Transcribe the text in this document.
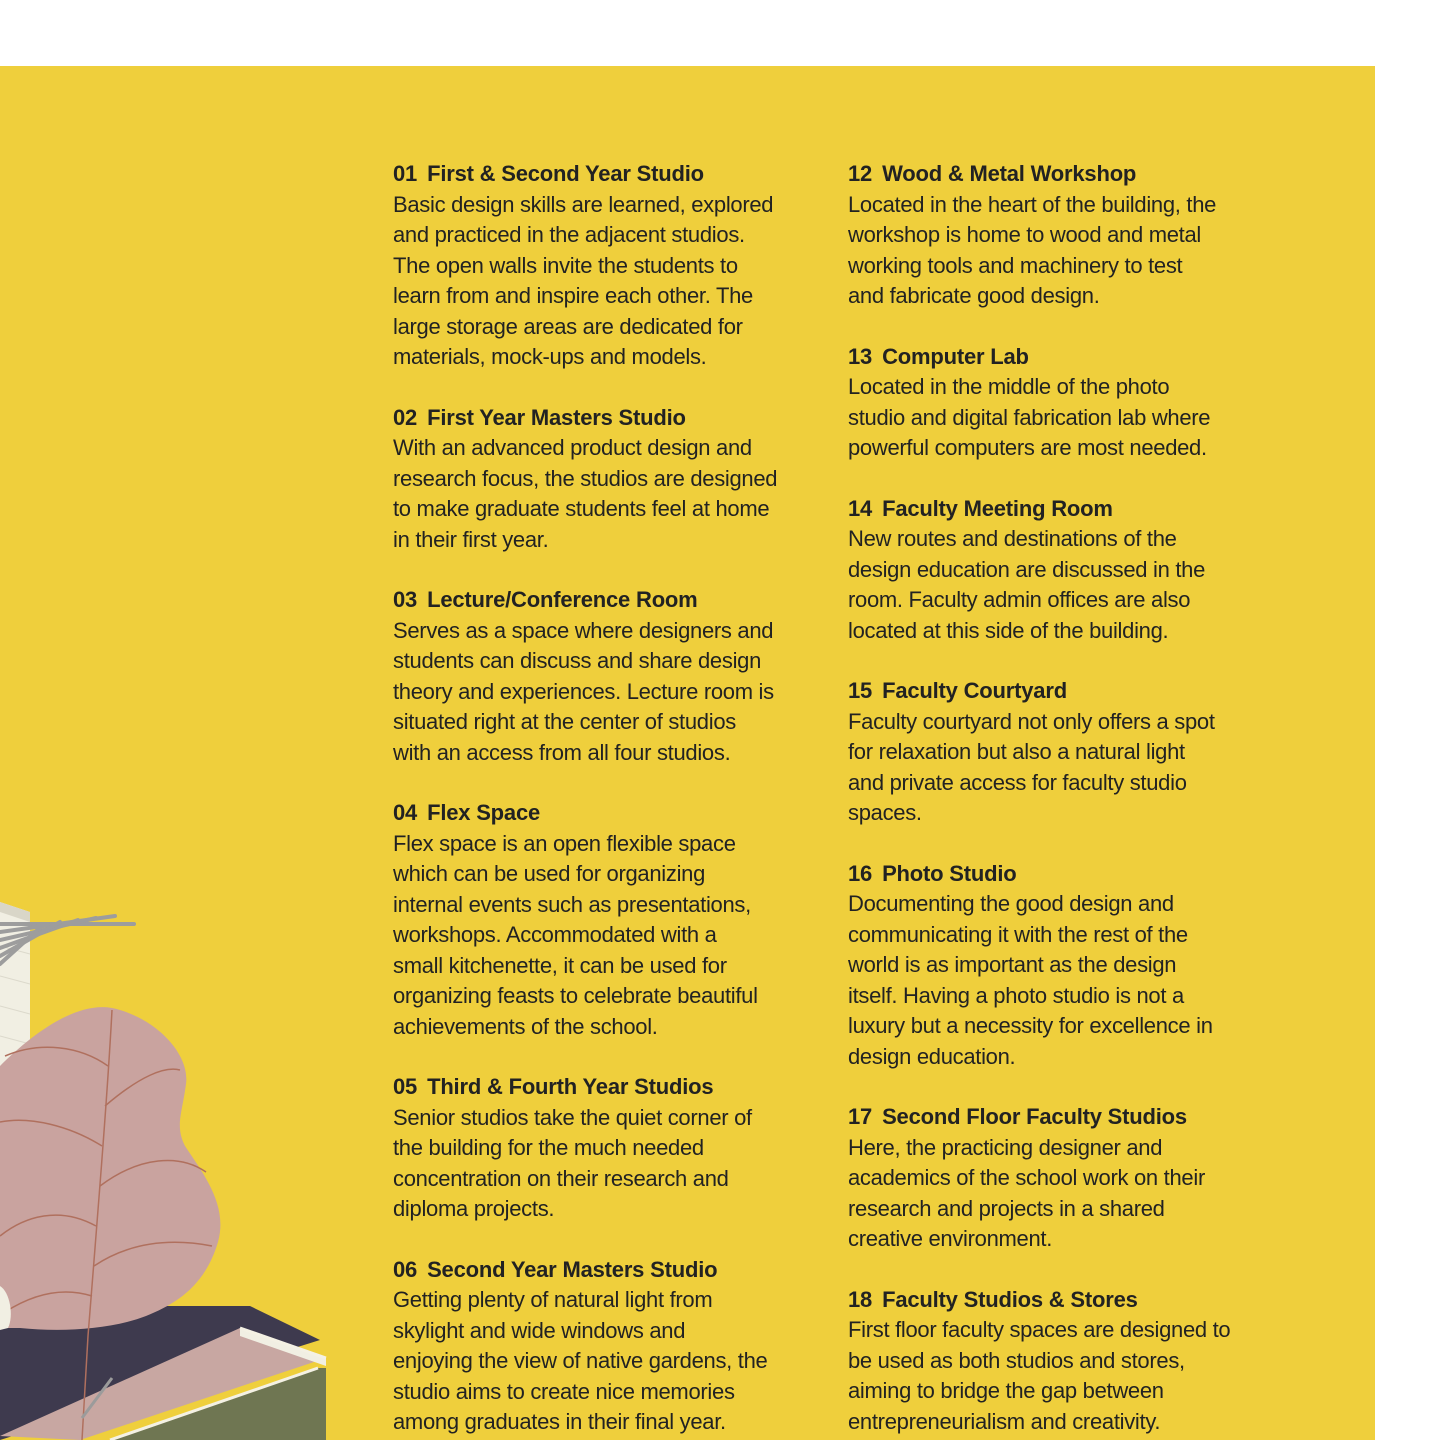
01 First & Second Year Studio

Basic design skills are learned, explored
and practiced in the adjacent studios.
The open walls invite the students to
learn from and inspire each other. The
large storage areas are dedicated for
materials, mock-ups and models.

02 First Year Masters Studio

With an advanced product design and
research focus, the studios are designed
to make graduate students feel at home
in their first year.

03 Lecture/Conference Room

Serves as a space where designers and
students can discuss and share design
theory and experiences. Lecture room is
situated right at the center of studios
with an access from all four studios.

04 Flex Space

Flex space is an open flexible space
which can be used for organizing
internal events such as presentations,
workshops. Accommodated with a
small kitchenette, it can be used for
organizing feasts to celebrate beautiful
achievements of the school.

05 Third & Fourth Year Studios

Senior studios take the quiet corner of
the building for the much needed
concentration on their research and
diploma projects.

06 Second Year Masters Studio

Getting plenty of natural light from
skylight and wide windows and
enjoying the view of native gardens, the
studio aims to create nice memories
among graduates in their final year.

12 Wood & Metal Workshop

Located in the heart of the building, the
workshop is home to wood and metal
working tools and machinery to test
and fabricate good design.

13 Computer Lab

Located in the middle of the photo
studio and digital fabrication lab where
powerful computers are most needed.

14 Faculty Meeting Room

New routes and destinations of the
design education are discussed in the
room. Faculty admin offices are also
located at this side of the building.

15 Faculty Courtyard

Faculty courtyard not only offers a spot
for relaxation but also a natural light
and private access for faculty studio
spaces.

16 Photo Studio

Documenting the good design and
communicating it with the rest of the
world is as important as the design
itself. Having a photo studio is not a
luxury but a necessity for excellence in
design education.

17 Second Floor Faculty Studios

Here, the practicing designer and
academics of the school work on their
research and projects in a shared
creative environment.

18 Faculty Studios & Stores

First floor faculty spaces are designed to
be used as both studios and stores,
aiming to bridge the gap between
entrepreneurialism and creativity.
